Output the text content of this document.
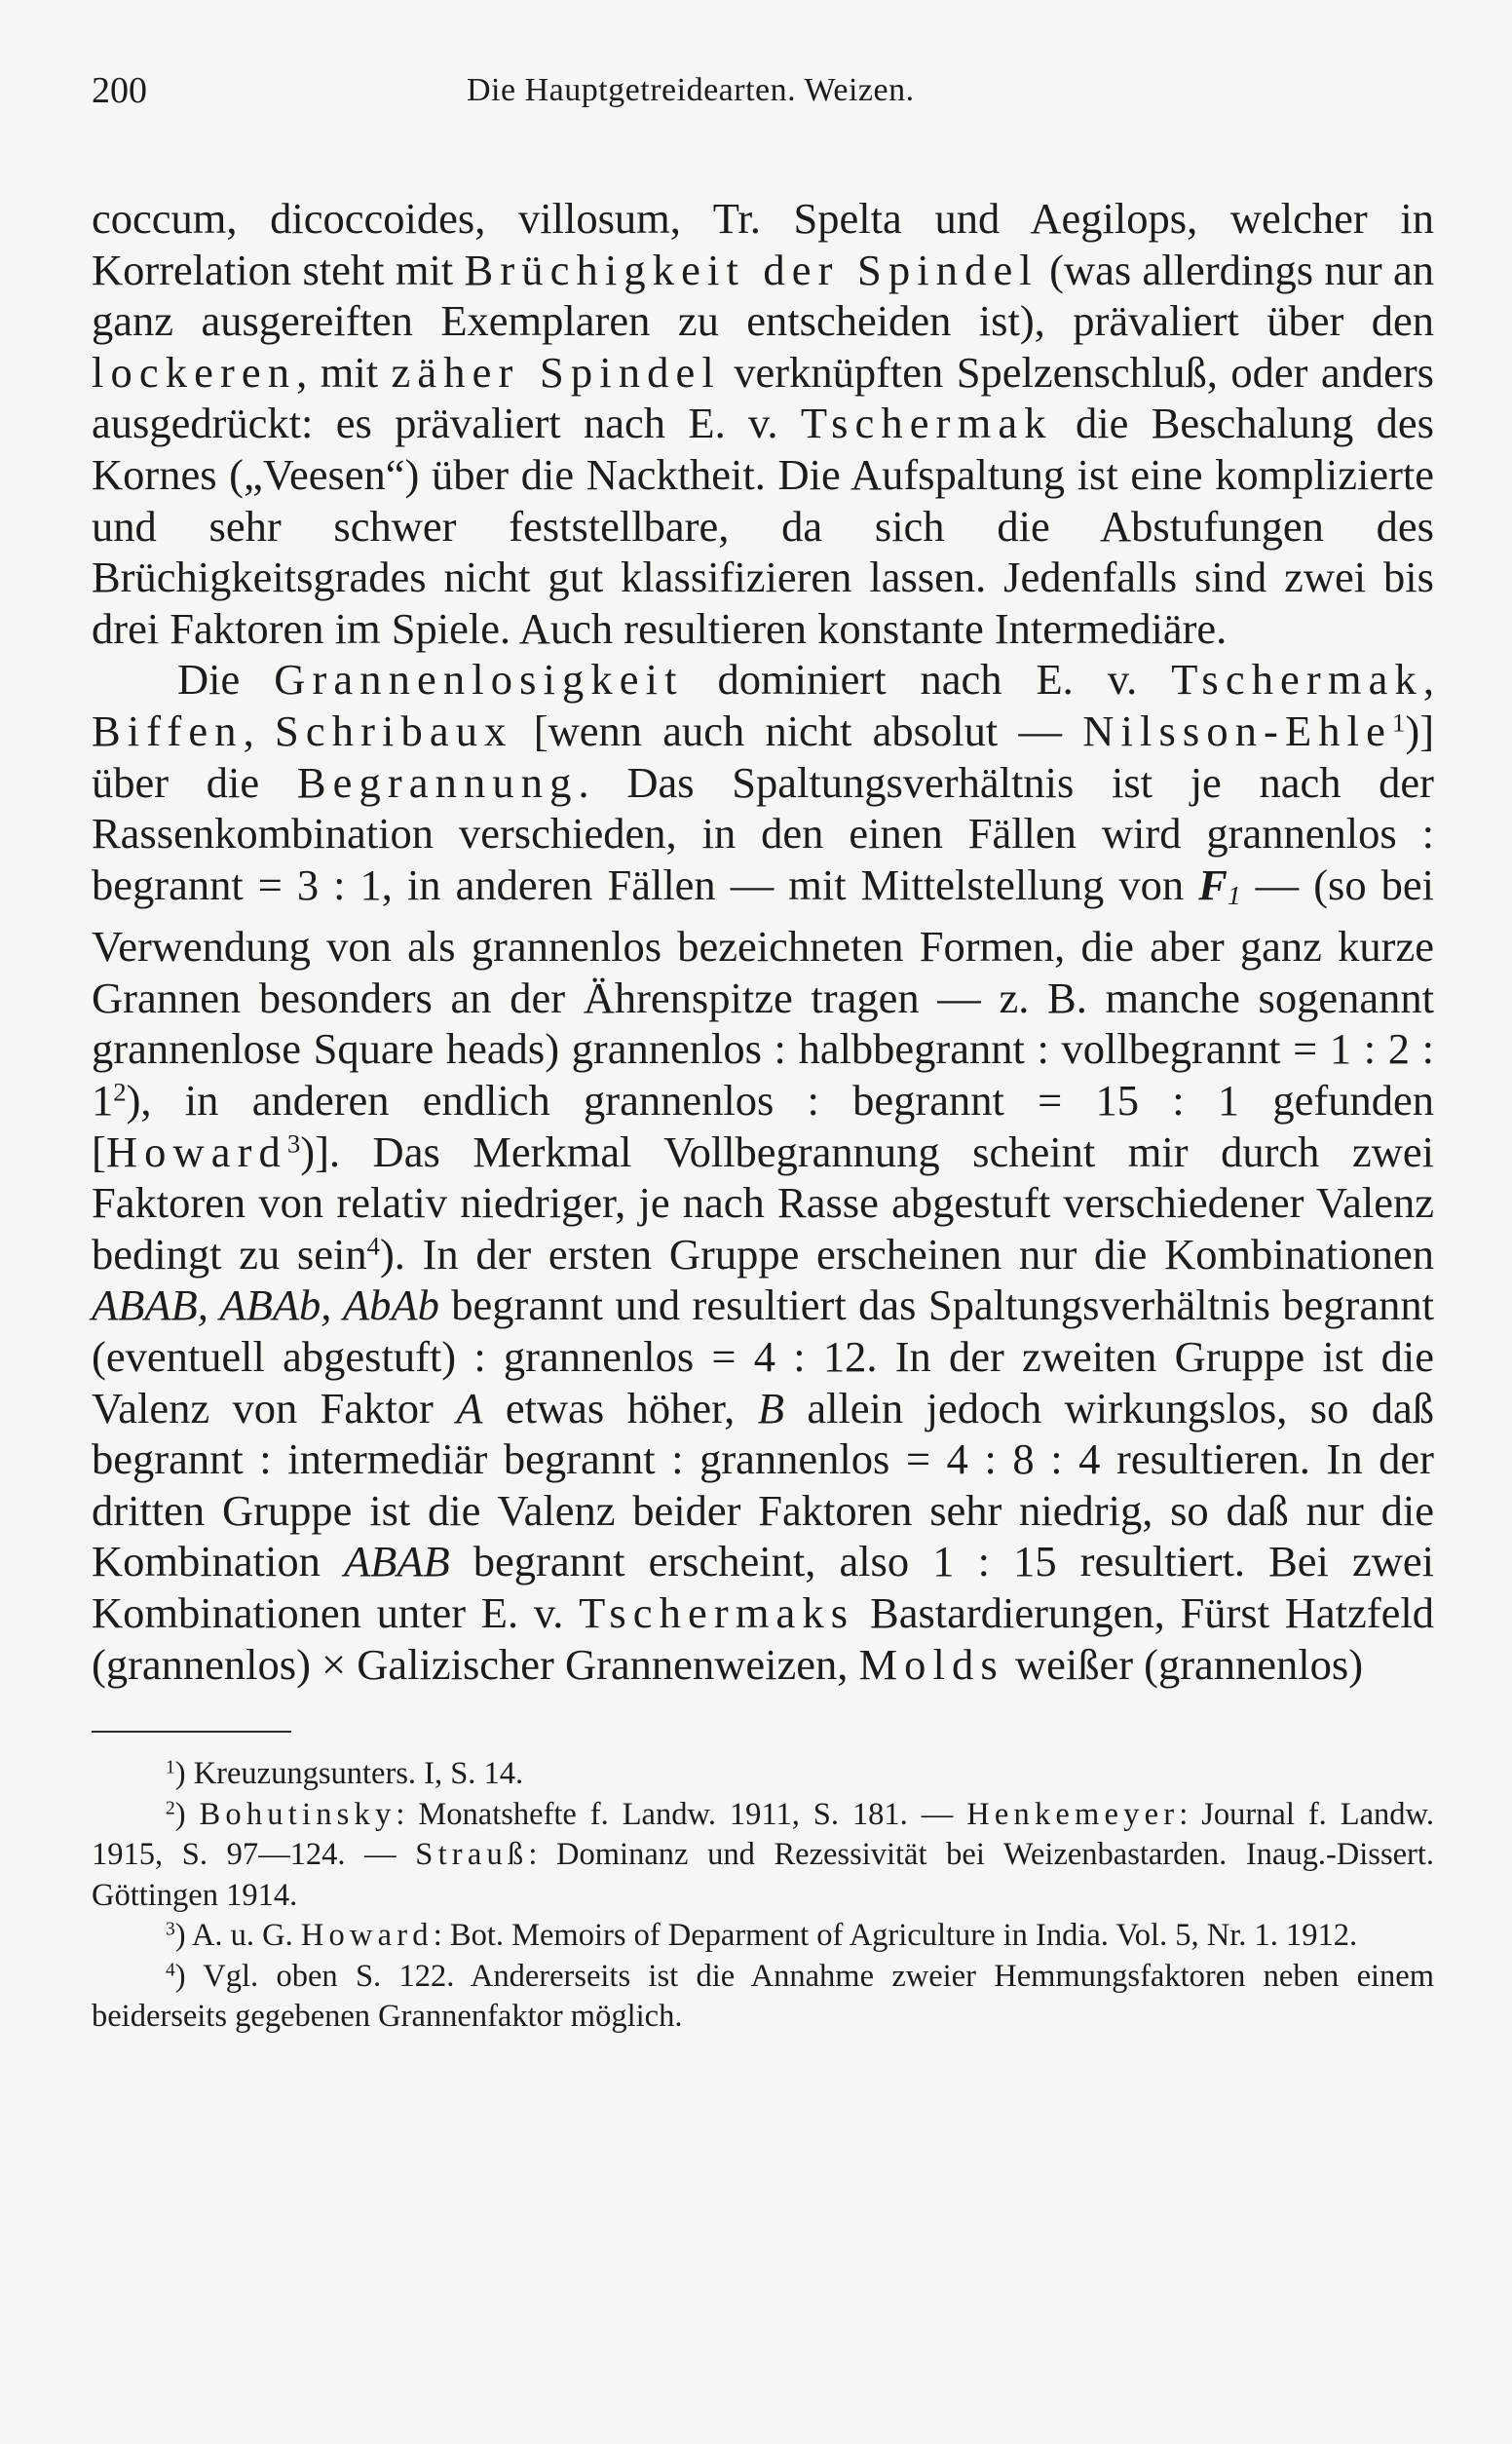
200	Die Hauptgetreidearten. Weizen.

coccum, dicoccoides, villosum, Tr. Spelta und Aegilops, welcher in Korrelation steht mit Brüchigkeit der Spindel (was allerdings nur an ganz ausgereiften Exemplaren zu entscheiden ist), prävaliert über den lockeren, mit zäher Spindel verknüpften Spelzenschluß, oder anders ausgedrückt: es prävaliert nach E. v. Tschermak die Beschalung des Kornes („Veesen“) über die Nacktheit. Die Aufspaltung ist eine komplizierte und sehr schwer feststellbare, da sich die Abstufungen des Brüchigkeitsgrades nicht gut klassifizieren lassen. Jedenfalls sind zwei bis drei Faktoren im Spiele. Auch resultieren konstante Intermediäre.

Die Grannenlosigkeit dominiert nach E. v. Tschermak, Biffen, Schribaux [wenn auch nicht absolut — Nilsson-Ehle$^1$)] über die Begrannung. Das Spaltungsverhältnis ist je nach der Rassenkombination verschieden, in den einen Fällen wird grannenlos : begrannt = 3 : 1, in anderen Fällen — mit Mittelstellung von F1 — (so bei Verwendung von als grannenlos bezeichneten Formen, die aber ganz kurze Grannen besonders an der Ährenspitze tragen — z. B. manche sogenannt grannenlose Square heads) grannenlos : halbbegrannt : vollbegrannt = 1 : 2 : 1$^2$), in anderen endlich grannenlos : begrannt = 15 : 1 gefunden [Howard$^3$)]. Das Merkmal Vollbegrannung scheint mir durch zwei Faktoren von relativ niedriger, je nach Rasse abgestuft verschiedener Valenz bedingt zu sein$^4$). In der ersten Gruppe erscheinen nur die Kombinationen ABAB, ABAb, AbAb begrannt und resultiert das Spaltungsverhältnis begrannt (eventuell abgestuft) : grannenlos = 4 : 12. In der zweiten Gruppe ist die Valenz von Faktor A etwas höher, B allein jedoch wirkungslos, so daß begrannt : intermediär begrannt : grannenlos = 4 : 8 : 4 resultieren. In der dritten Gruppe ist die Valenz beider Faktoren sehr niedrig, so daß nur die Kombination ABAB begrannt erscheint, also 1 : 15 resultiert. Bei zwei Kombinationen unter E. v. Tschermaks Bastardierungen, Fürst Hatzfeld (grannenlos) × Galizischer Grannenweizen, Molds weißer (grannenlos)

$^1$) Kreuzungsunters. I, S. 14.

$^2$) Bohutinsky: Monatshefte f. Landw. 1911, S. 181. — Henkemeyer: Journal f. Landw. 1915, S. 97—124. — Strauß: Dominanz und Rezessivität bei Weizenbastarden. Inaug.-Dissert. Göttingen 1914.

$^3$) A. u. G. Howard: Bot. Memoirs of Deparment of Agriculture in India. Vol. 5, Nr. 1. 1912.

$^4$) Vgl. oben S. 122. Andererseits ist die Annahme zweier Hemmungsfaktoren neben einem beiderseits gegebenen Grannenfaktor möglich.
